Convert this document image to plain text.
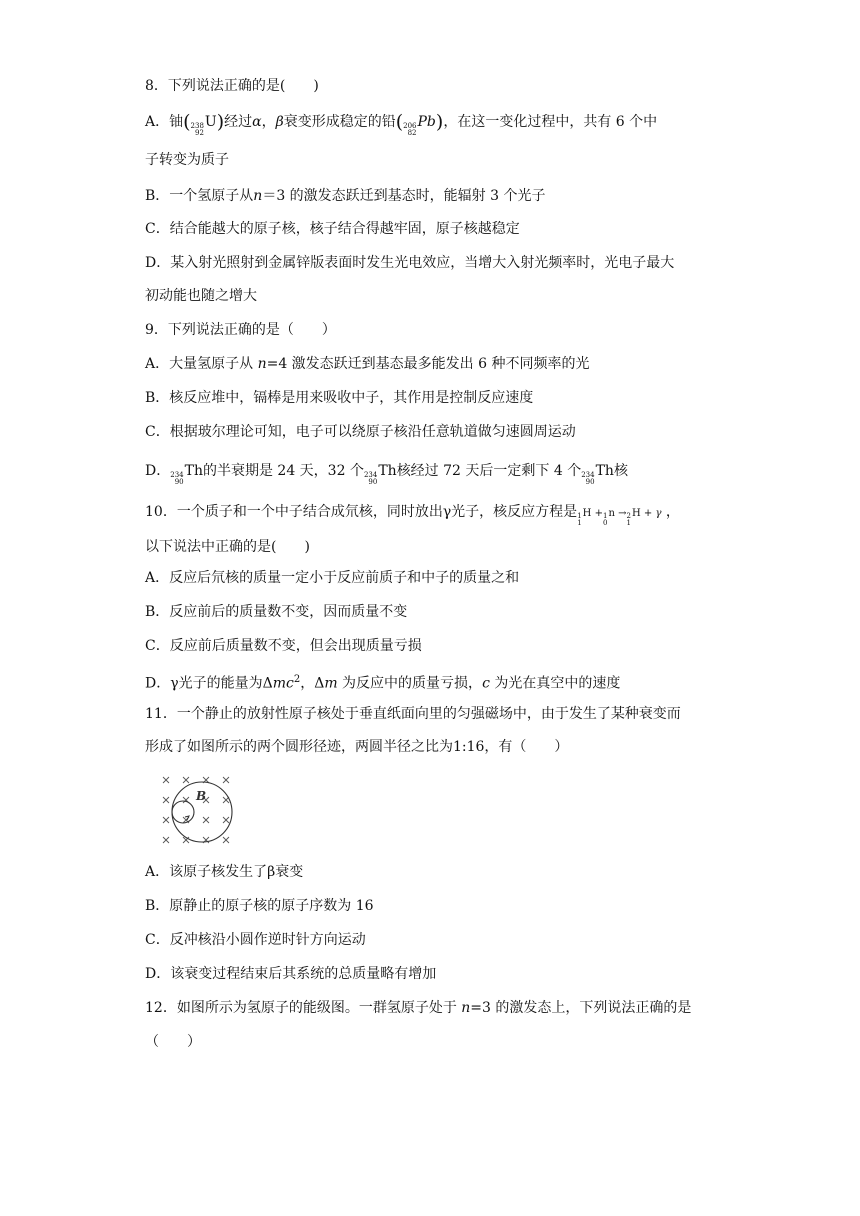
8．下列说法正确的是(　　)
A．铀( 238
92
U)经过α，β衰变形成稳定的铅( 206
82
Pb)，在这一变化过程中，共有 6 个中
子转变为质子
B．一个氢原子从n＝3 的激发态跃迁到基态时，能辐射 3 个光子
C．结合能越大的原子核，核子结合得越牢固，原子核越稳定
D．某入射光照射到金属锌版表面时发生光电效应，当增大入射光频率时，光电子最大
初动能也随之增大
9．下列说法正确的是（　　）
A．大量氢原子从 n=4 激发态跃迁到基态最多能发出 6 种不同频率的光
B．核反应堆中，镉棒是用来吸收中子，其作用是控制反应速度
C．根据玻尔理论可知，电子可以绕原子核沿任意轨道做匀速圆周运动
D． 234
90
Th的半衰期是 24 天，32 个 234
90
Th核经过 72 天后一定剩下 4 个 234
90
Th核
10．一个质子和一个中子结合成氘核，同时放出γ光子，核反应方程是 1
1
H + 1
0
n → 2
1
H + γ ，
以下说法中正确的是(　　)
A．反应后氘核的质量一定小于反应前质子和中子的质量之和
B．反应前后的质量数不变，因而质量不变
C．反应前后质量数不变，但会出现质量亏损
D．γ光子的能量为Δmc$^2$，Δm 为反应中的质量亏损，c 为光在真空中的速度
11．一个静止的放射性原子核处于垂直纸面向里的匀强磁场中，由于发生了某种衰变而
形成了如图所示的两个圆形径迹，两圆半径之比为1:16，有（　　）
B
A．该原子核发生了β衰变
B．原静止的原子核的原子序数为 16
C．反冲核沿小圆作逆时针方向运动
D．该衰变过程结束后其系统的总质量略有增加
12．如图所示为氢原子的能级图。一群氢原子处于 n=3 的激发态上，下列说法正确的是
（　　）
